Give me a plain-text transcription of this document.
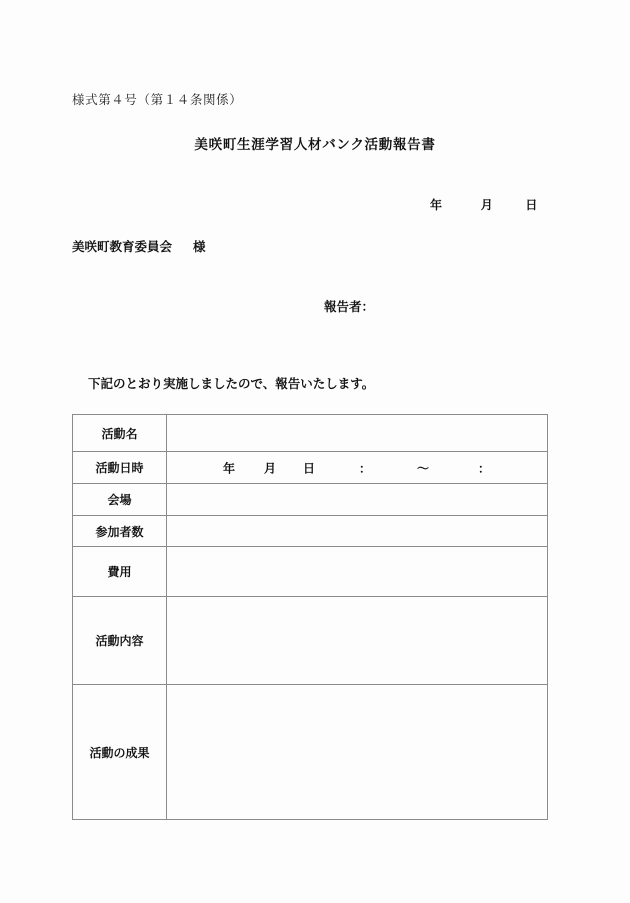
様式第４号（第１４条関係）
美咲町生涯学習人材バンク活動報告書
年	月	日
美咲町教育委員会 様
報告者：
下記のとおり実施しましたので、報告いたします。
活動名	
活動日時	年 月 日	：	～	：

会場	
参加者数	
費用	
活動内容	
活動の成果	
